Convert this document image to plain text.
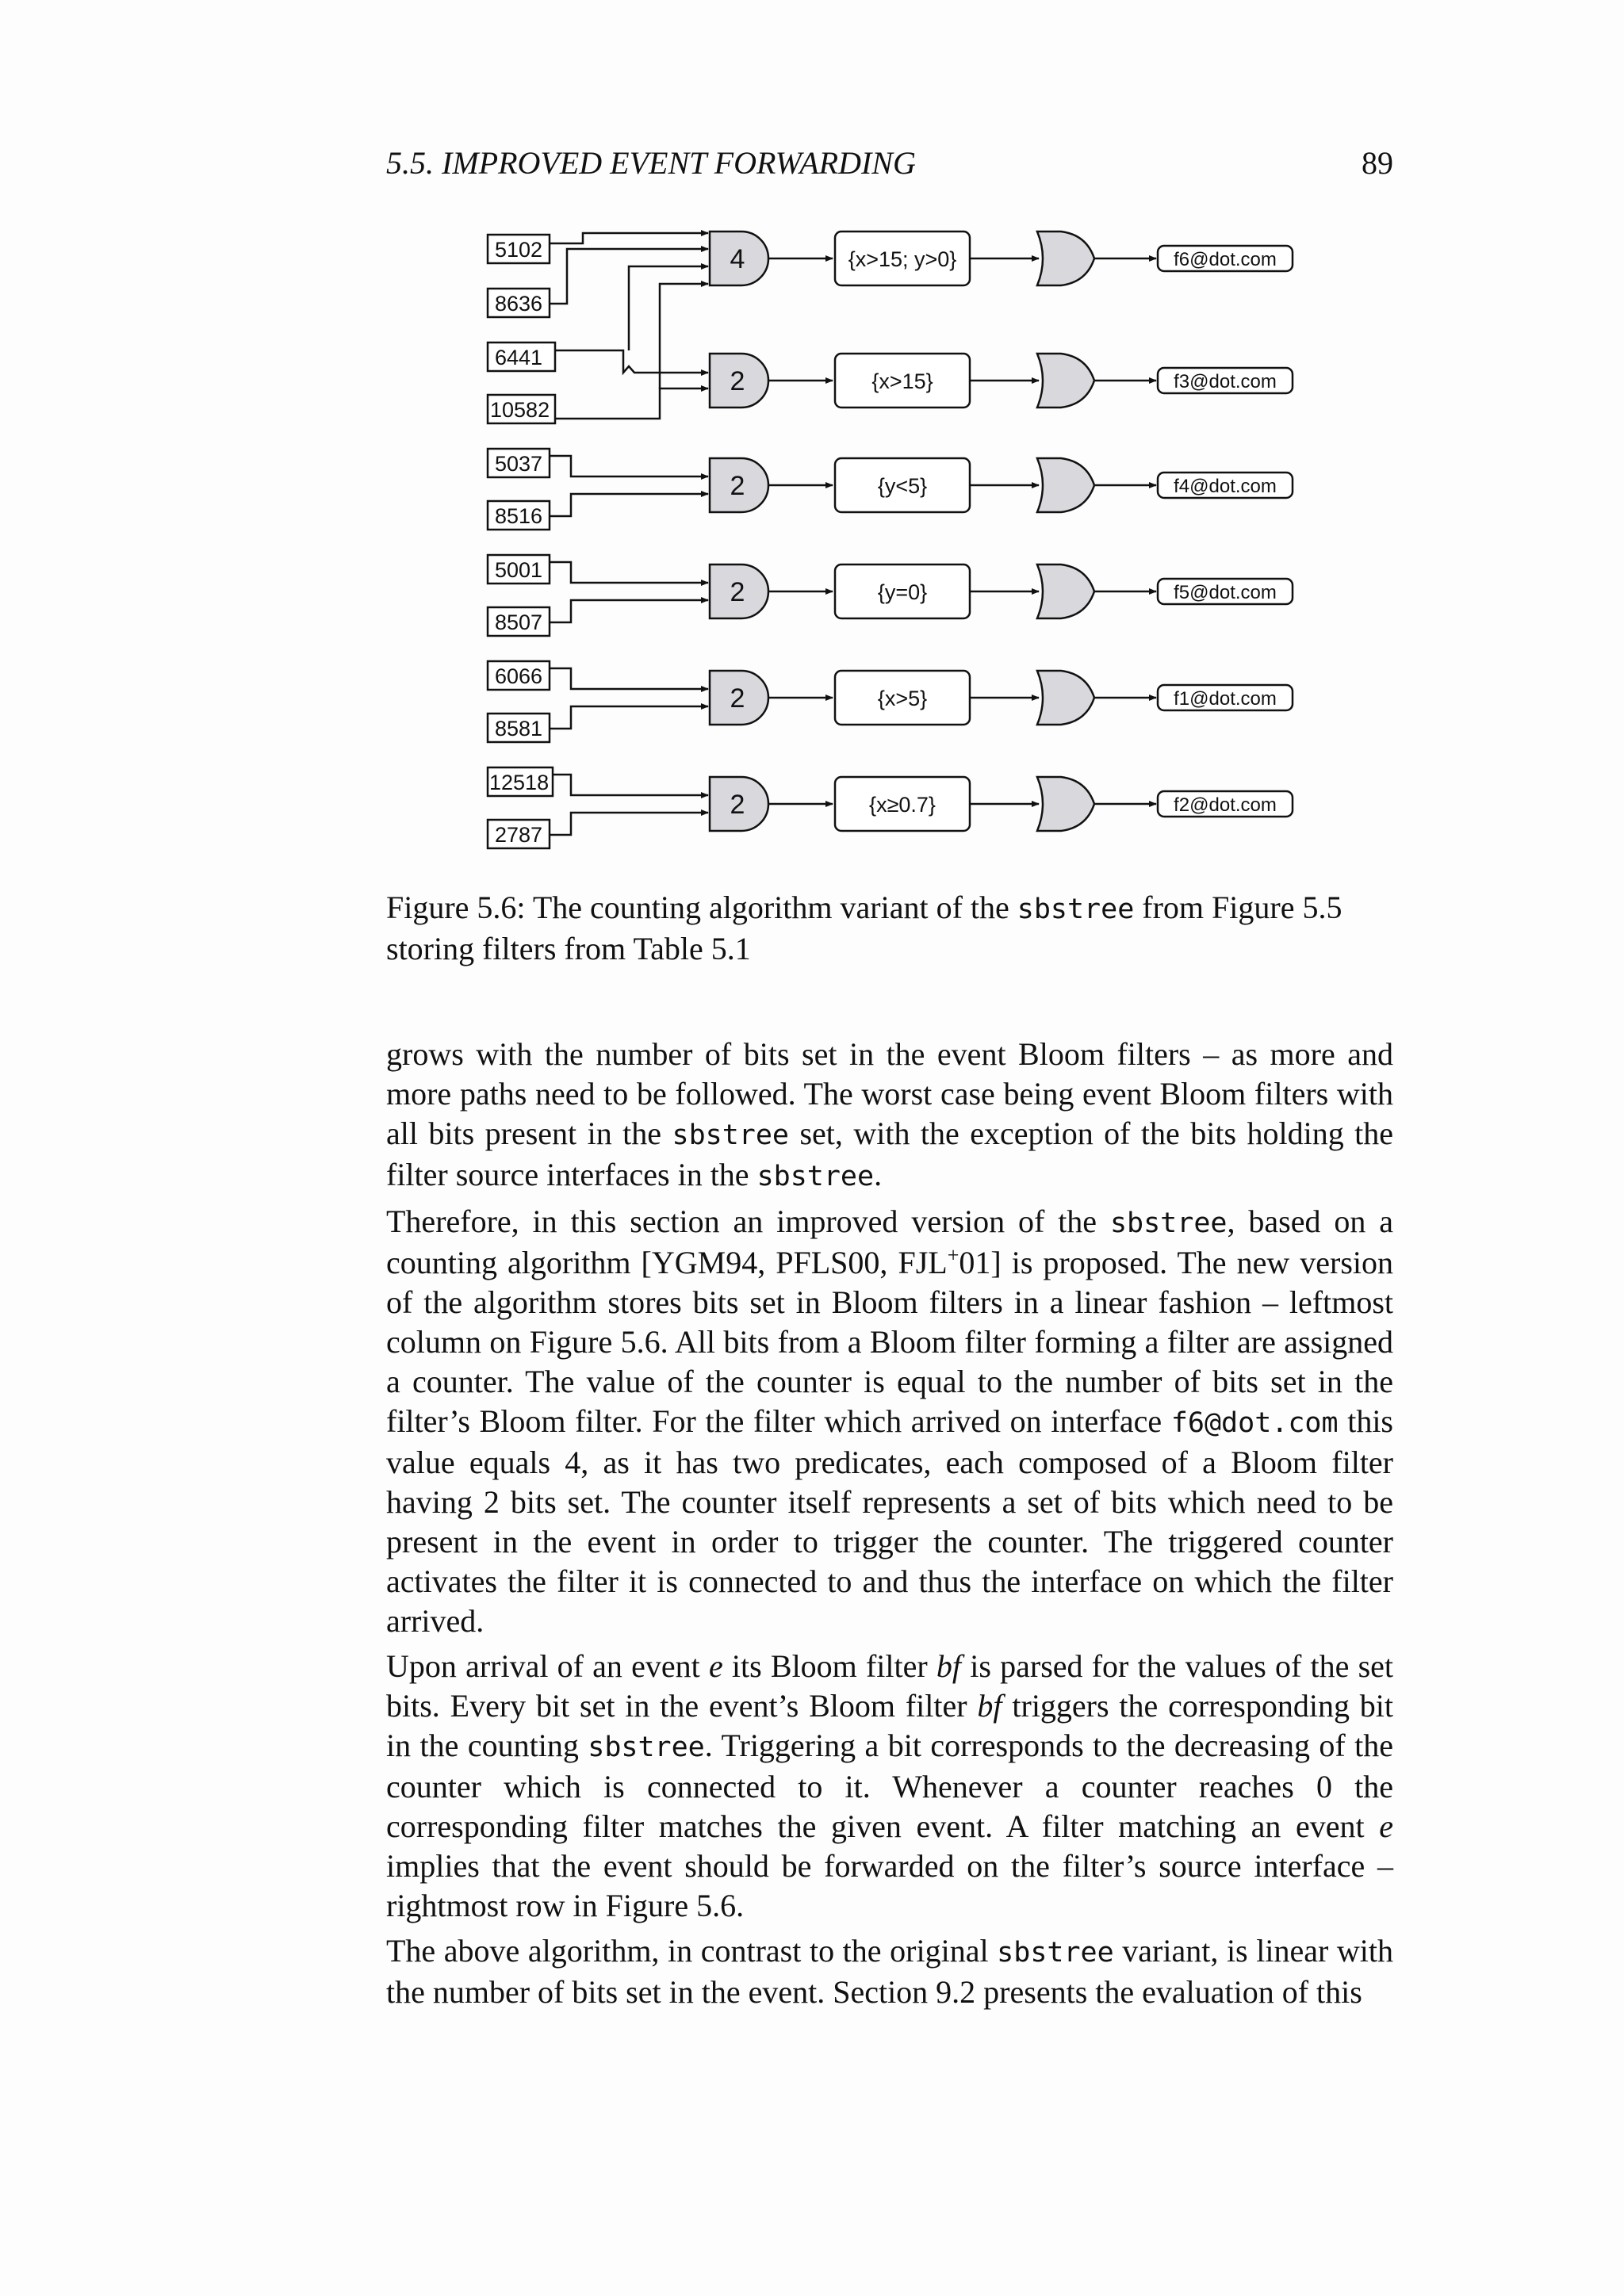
5.5. IMPROVED EVENT FORWARDING	89
5102
8636
6441
10582
5037
8516
5001
8507
6066
8581
12518
2787
4
2
2
2
2
2
{x>15; y>0}
{x>15}
{y<5}
{y=0}
{x>5}
{x≥0.7}
f6@dot.com
f3@dot.com
f4@dot.com
f5@dot.com
f1@dot.com
f2@dot.com
Figure 5.6: The counting algorithm variant of the sbstree from Figure 5.5 storing filters from Table 5.1

grows with the number of bits set in the event Bloom filters – as more and more paths need to be followed. The worst case being event Bloom filters with all bits present in the sbstree set, with the exception of the bits holding the filter source interfaces in the sbstree.

Therefore, in this section an improved version of the sbstree, based on a counting algorithm [YGM94, PFLS00, FJL+01] is proposed. The new version of the algorithm stores bits set in Bloom filters in a linear fashion – leftmost column on Figure 5.6. All bits from a Bloom filter forming a filter are assigned a counter. The value of the counter is equal to the number of bits set in the filter’s Bloom filter. For the filter which arrived on interface f6@dot.com this value equals 4, as it has two predicates, each composed of a Bloom filter having 2 bits set. The counter itself represents a set of bits which need to be present in the event in order to trigger the counter. The triggered counter activates the filter it is connected to and thus the interface on which the filter arrived.

Upon arrival of an event e its Bloom filter bf is parsed for the values of the set bits. Every bit set in the event’s Bloom filter bf triggers the corresponding bit in the counting sbstree. Triggering a bit corresponds to the decreasing of the counter which is connected to it. Whenever a counter reaches 0 the corresponding filter matches the given event. A filter matching an event e implies that the event should be forwarded on the filter’s source interface – rightmost row in Figure 5.6.

The above algorithm, in contrast to the original sbstree variant, is linear with the number of bits set in the event. Section 9.2 presents the evaluation of this
